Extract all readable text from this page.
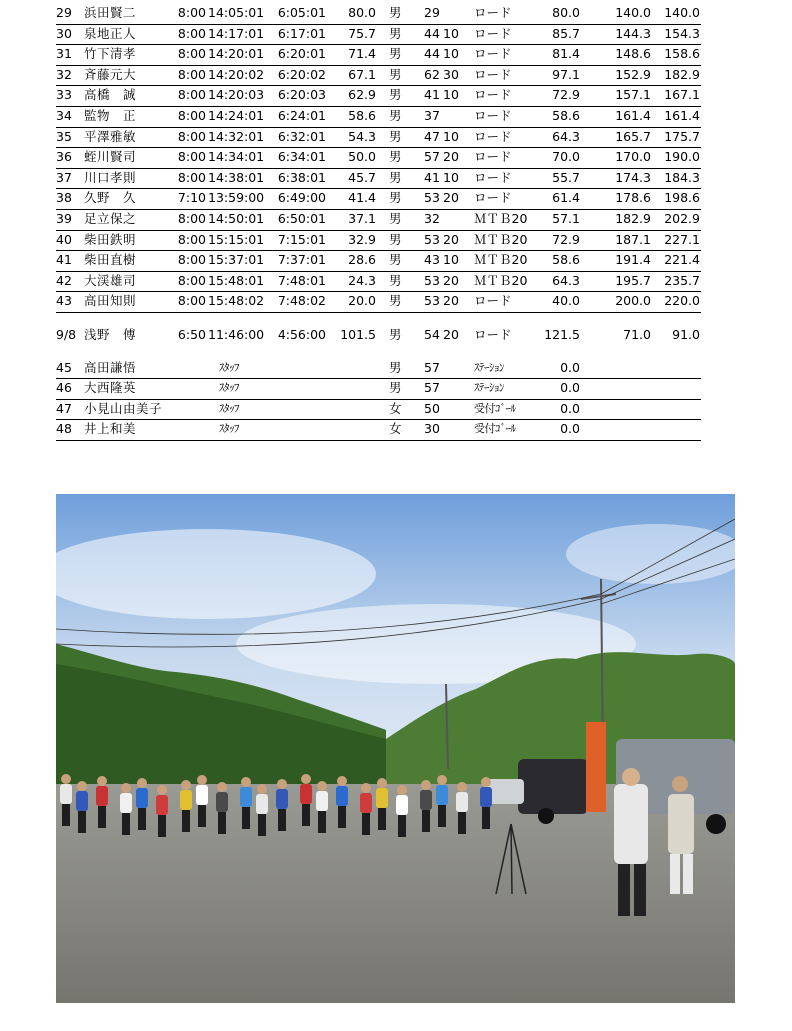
29 浜田賢二	8:00 14:05:01	6:05:01	80.0 男 29	ロード	80.0	140.0	140.0
30 泉地正人	8:00 14:17:01	6:17:01	75.7 男 44 10 ロード	85.7	144.3	154.3
31 竹下清孝	8:00 14:20:01	6:20:01	71.4 男 44 10 ロード	81.4	148.6	158.6
32 斉藤元大	8:00 14:20:02	6:20:02	67.1 男 62 30 ロード	97.1	152.9	182.9
33 高橋　誠	8:00 14:20:03	6:20:03	62.9 男 41 10 ロード	72.9	157.1	167.1
34 監物　正	8:00 14:24:01	6:24:01	58.6 男 37	ロード	58.6	161.4	161.4
35 平澤雅敏	8:00 14:32:01	6:32:01	54.3 男 47 10 ロード	64.3	165.7	175.7
36 蛭川賢司	8:00 14:34:01	6:34:01	50.0 男 57 20 ロード	70.0	170.0	190.0
37 川口孝則	8:00 14:38:01	6:38:01	45.7 男 41 10 ロード	55.7	174.3	184.3
38 久野　久	7:10 13:59:00	6:49:00	41.4 男 53 20 ロード	61.4	178.6	198.6
39 足立保之	8:00 14:50:01	6:50:01	37.1 男 32	ＭＴＢ20	57.1	182.9	202.9
40 柴田鉄明	8:00 15:15:01	7:15:01	32.9 男 53 20 ＭＴＢ20	72.9	187.1	227.1
41 柴田直樹	8:00 15:37:01	7:37:01	28.6 男 43 10 ＭＴＢ20	58.6	191.4	221.4
42 大渓雄司	8:00 15:48:01	7:48:01	24.3 男 53 20 ＭＴＢ20	64.3	195.7	235.7
43 高田知則	8:00 15:48:02	7:48:02	20.0 男 53 20 ロード	40.0	200.0	220.0
9/8 浅野　傅	6:50 11:46:00	4:56:00	101.5 男 54 20 ロード	121.5	71.0	91.0
45 高田謙悟	ｽﾀｯﾌ	男 57	ｽﾃｰｼｮﾝ	0.0
46 大西隆英	ｽﾀｯﾌ	男 57	ｽﾃｰｼｮﾝ	0.0
47 小見山由美子	ｽﾀｯﾌ	女 50	受付ｺﾞｰﾙ	0.0
48 井上和美	ｽﾀｯﾌ	女 30	受付ｺﾞｰﾙ	0.0
